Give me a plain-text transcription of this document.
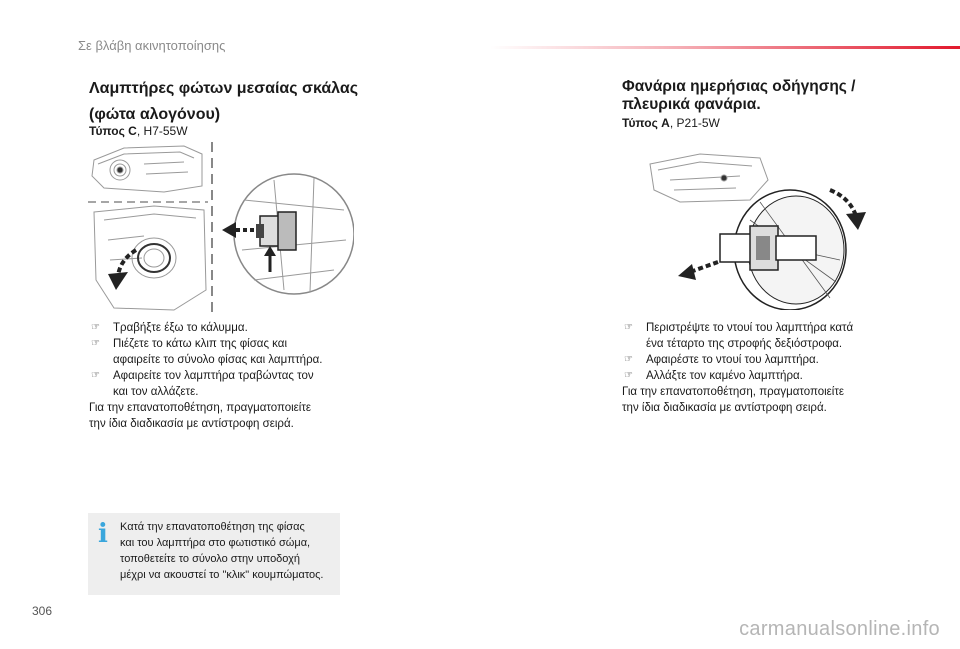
Σε βλάβη ακινητοποίησης
Λαμπτήρες φώτων μεσαίας σκάλας
(φώτα αλογόνου)
Τύπος C, H7-55W
☞ Τραβήξτε έξω το κάλυμμα.
☞ Πιέζετε το κάτω κλιπ της φίσας και
αφαιρείτε το σύνολο φίσας και λαμπτήρα.
☞ Αφαιρείτε τον λαμπτήρα τραβώντας τον
και τον αλλάζετε.
Για την επανατοποθέτηση, πραγματοποιείτε
την ίδια διαδικασία με αντίστροφη σειρά.
i	Κατά την επανατοποθέτηση της φίσας
και του λαμπτήρα στο φωτιστικό σώμα,
τοποθετείτε το σύνολο στην υποδοχή
μέχρι να ακουστεί το "κλικ" κουμπώματος.
Φανάρια ημερήσιας οδήγησης /
πλευρικά φανάρια.
Τύπος A, P21-5W
☞ Περιστρέψτε το ντουί του λαμπτήρα κατά
ένα τέταρτο της στροφής δεξιόστροφα.
☞ Αφαιρέστε το ντουί του λαμπτήρα.
☞ Αλλάξτε τον καμένο λαμπτήρα.
Για την επανατοποθέτηση, πραγματοποιείτε
την ίδια διαδικασία με αντίστροφη σειρά.
306
carmanualsonline.info
